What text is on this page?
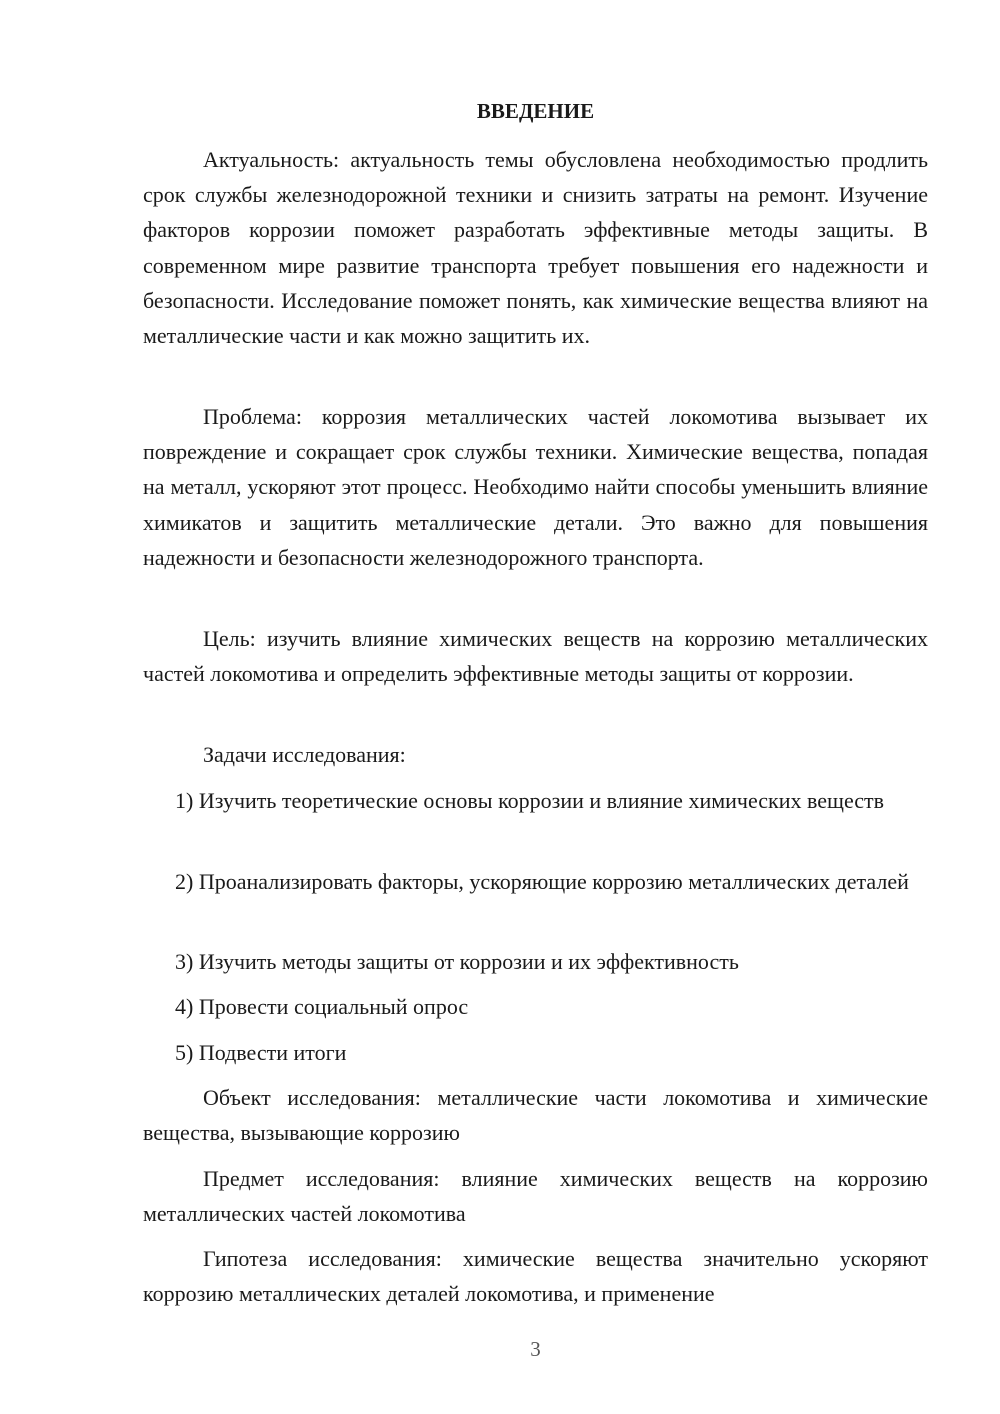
ВВЕДЕНИЕ

Актуальность: актуальность темы обусловлена необходимостью продлить срок службы железнодорожной техники и снизить затраты на ремонт. Изучение факторов коррозии поможет разработать эффективные методы защиты. В современном мире развитие транспорта требует повышения его надежности и безопасности. Исследование поможет понять, как химические вещества влияют на металлические части и как можно защитить их.

Проблема: коррозия металлических частей локомотива вызывает их повреждение и сокращает срок службы техники. Химические вещества, попадая на металл, ускоряют этот процесс. Необходимо найти способы уменьшить влияние химикатов и защитить металлические детали. Это важно для повышения надежности и безопасности железнодорожного транспорта.

Цель: изучить влияние химических веществ на коррозию металлических частей локомотива и определить эффективные методы защиты от коррозии.

Задачи исследования:

1) Изучить теоретические основы коррозии и влияние химических веществ

2) Проанализировать факторы, ускоряющие коррозию металлических деталей

3) Изучить методы защиты от коррозии и их эффективность

4) Провести социальный опрос

5) Подвести итоги

Объект исследования: металлические части локомотива и химические вещества, вызывающие коррозию

Предмет исследования: влияние химических веществ на коррозию металлических частей локомотива

Гипотеза исследования: химические вещества значительно ускоряют коррозию металлических деталей локомотива, и применение

3
